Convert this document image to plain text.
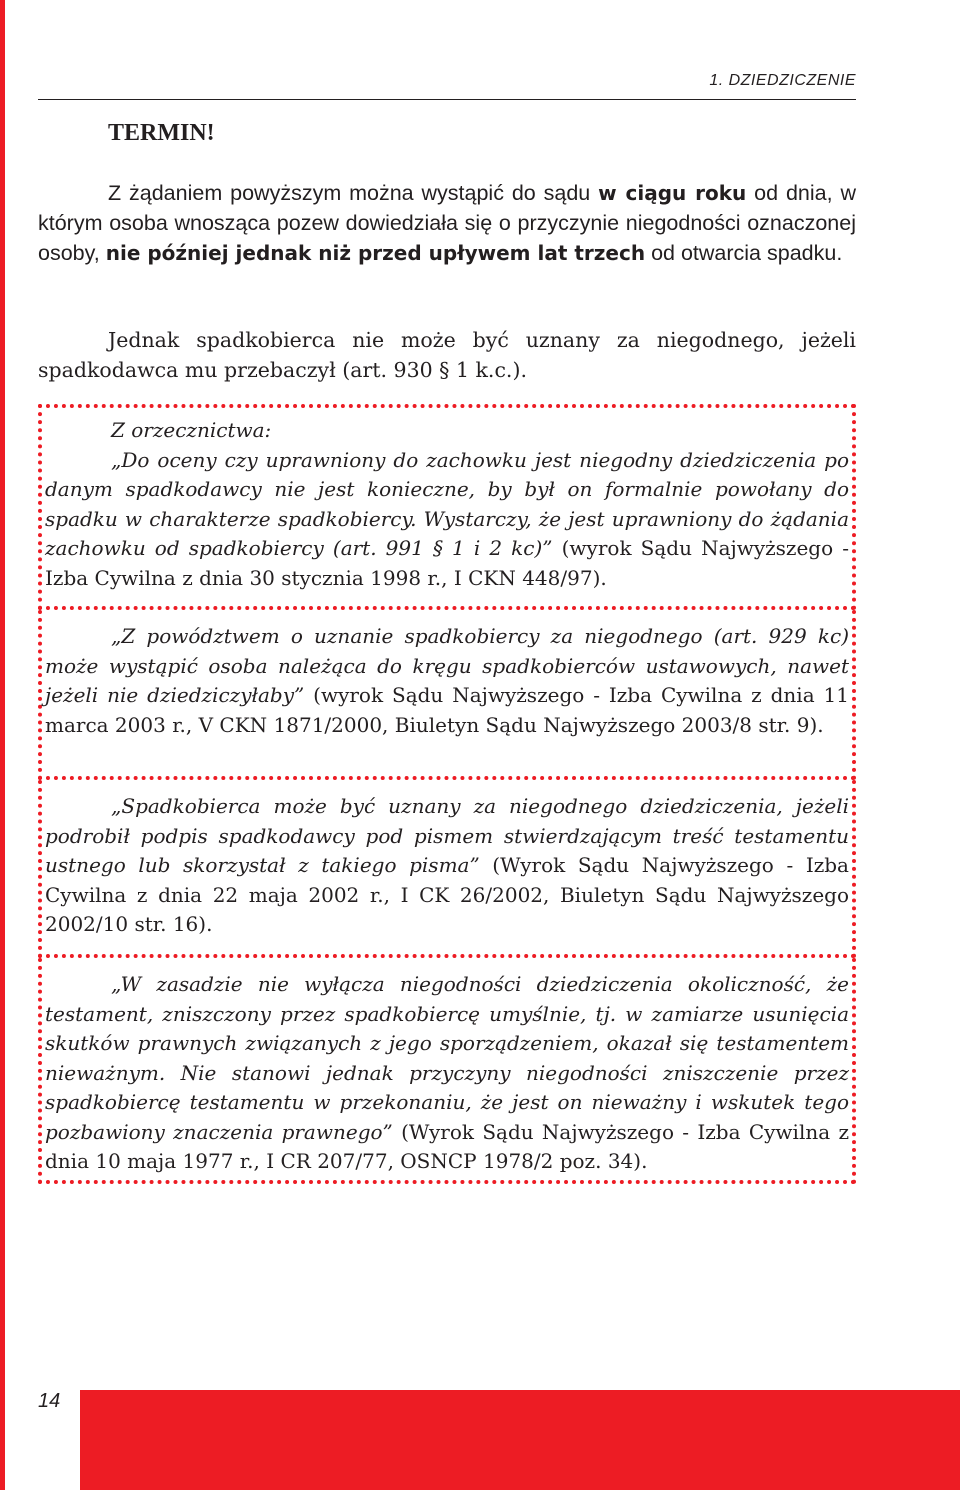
1. DZIEDZICZENIE
TERMIN!

Z żądaniem powyższym można wystąpić do sądu w ciągu roku od dnia, w którym osoba wnosząca pozew dowiedziała się o przyczynie niegodności oznaczonej osoby, nie później jednak niż przed upływem lat trzech od otwarcia spadku.

Jednak spadkobierca nie może być uznany za niegodnego, jeżeli spadkodawca mu przebaczył (art. 930 § 1 k.c.).

Z orzecznictwa:

„Do oceny czy uprawniony do zachowku jest niegodny dziedziczenia po danym spadkodawcy nie jest konieczne, by był on formalnie powołany do spadku w charakterze spadkobiercy. Wystarczy, że jest uprawniony do żądania zachowku od spadkobiercy (art. 991 § 1 i 2 kc)” (wyrok Sądu Najwyższego - Izba Cywilna z dnia 30 stycznia 1998 r., I CKN 448/97).

„Z powództwem o uznanie spadkobiercy za niegodnego (art. 929 kc) może wystąpić osoba należąca do kręgu spadkobierców ustawowych, nawet jeżeli nie dziedziczyłaby” (wyrok Sądu Najwyższego - Izba Cywilna z dnia 11 marca 2003 r., V CKN 1871/2000, Biuletyn Sądu Najwyższego 2003/8 str. 9).

„Spadkobierca może być uznany za niegodnego dziedziczenia, jeżeli podrobił podpis spadkodawcy pod pismem stwierdzającym treść testamentu ustnego lub skorzystał z takiego pisma” (Wyrok Sądu Najwyższego - Izba Cywilna z dnia 22 maja 2002 r., I CK 26/2002, Biuletyn Sądu Najwyższego 2002/10 str. 16).

„W zasadzie nie wyłącza niegodności dziedziczenia okoliczność, że testament, zniszczony przez spadkobiercę umyślnie, tj. w zamiarze usunięcia skutków prawnych związanych z jego sporządzeniem, okazał się testamentem nieważnym. Nie stanowi jednak przyczyny niegodności zniszczenie przez spadkobiercę testamentu w przekonaniu, że jest on nieważny i wskutek tego pozbawiony znaczenia prawnego” (Wyrok Sądu Najwyższego - Izba Cywilna z dnia 10 maja 1977 r., I CR 207/77, OSNCP 1978/2 poz. 34).

14
